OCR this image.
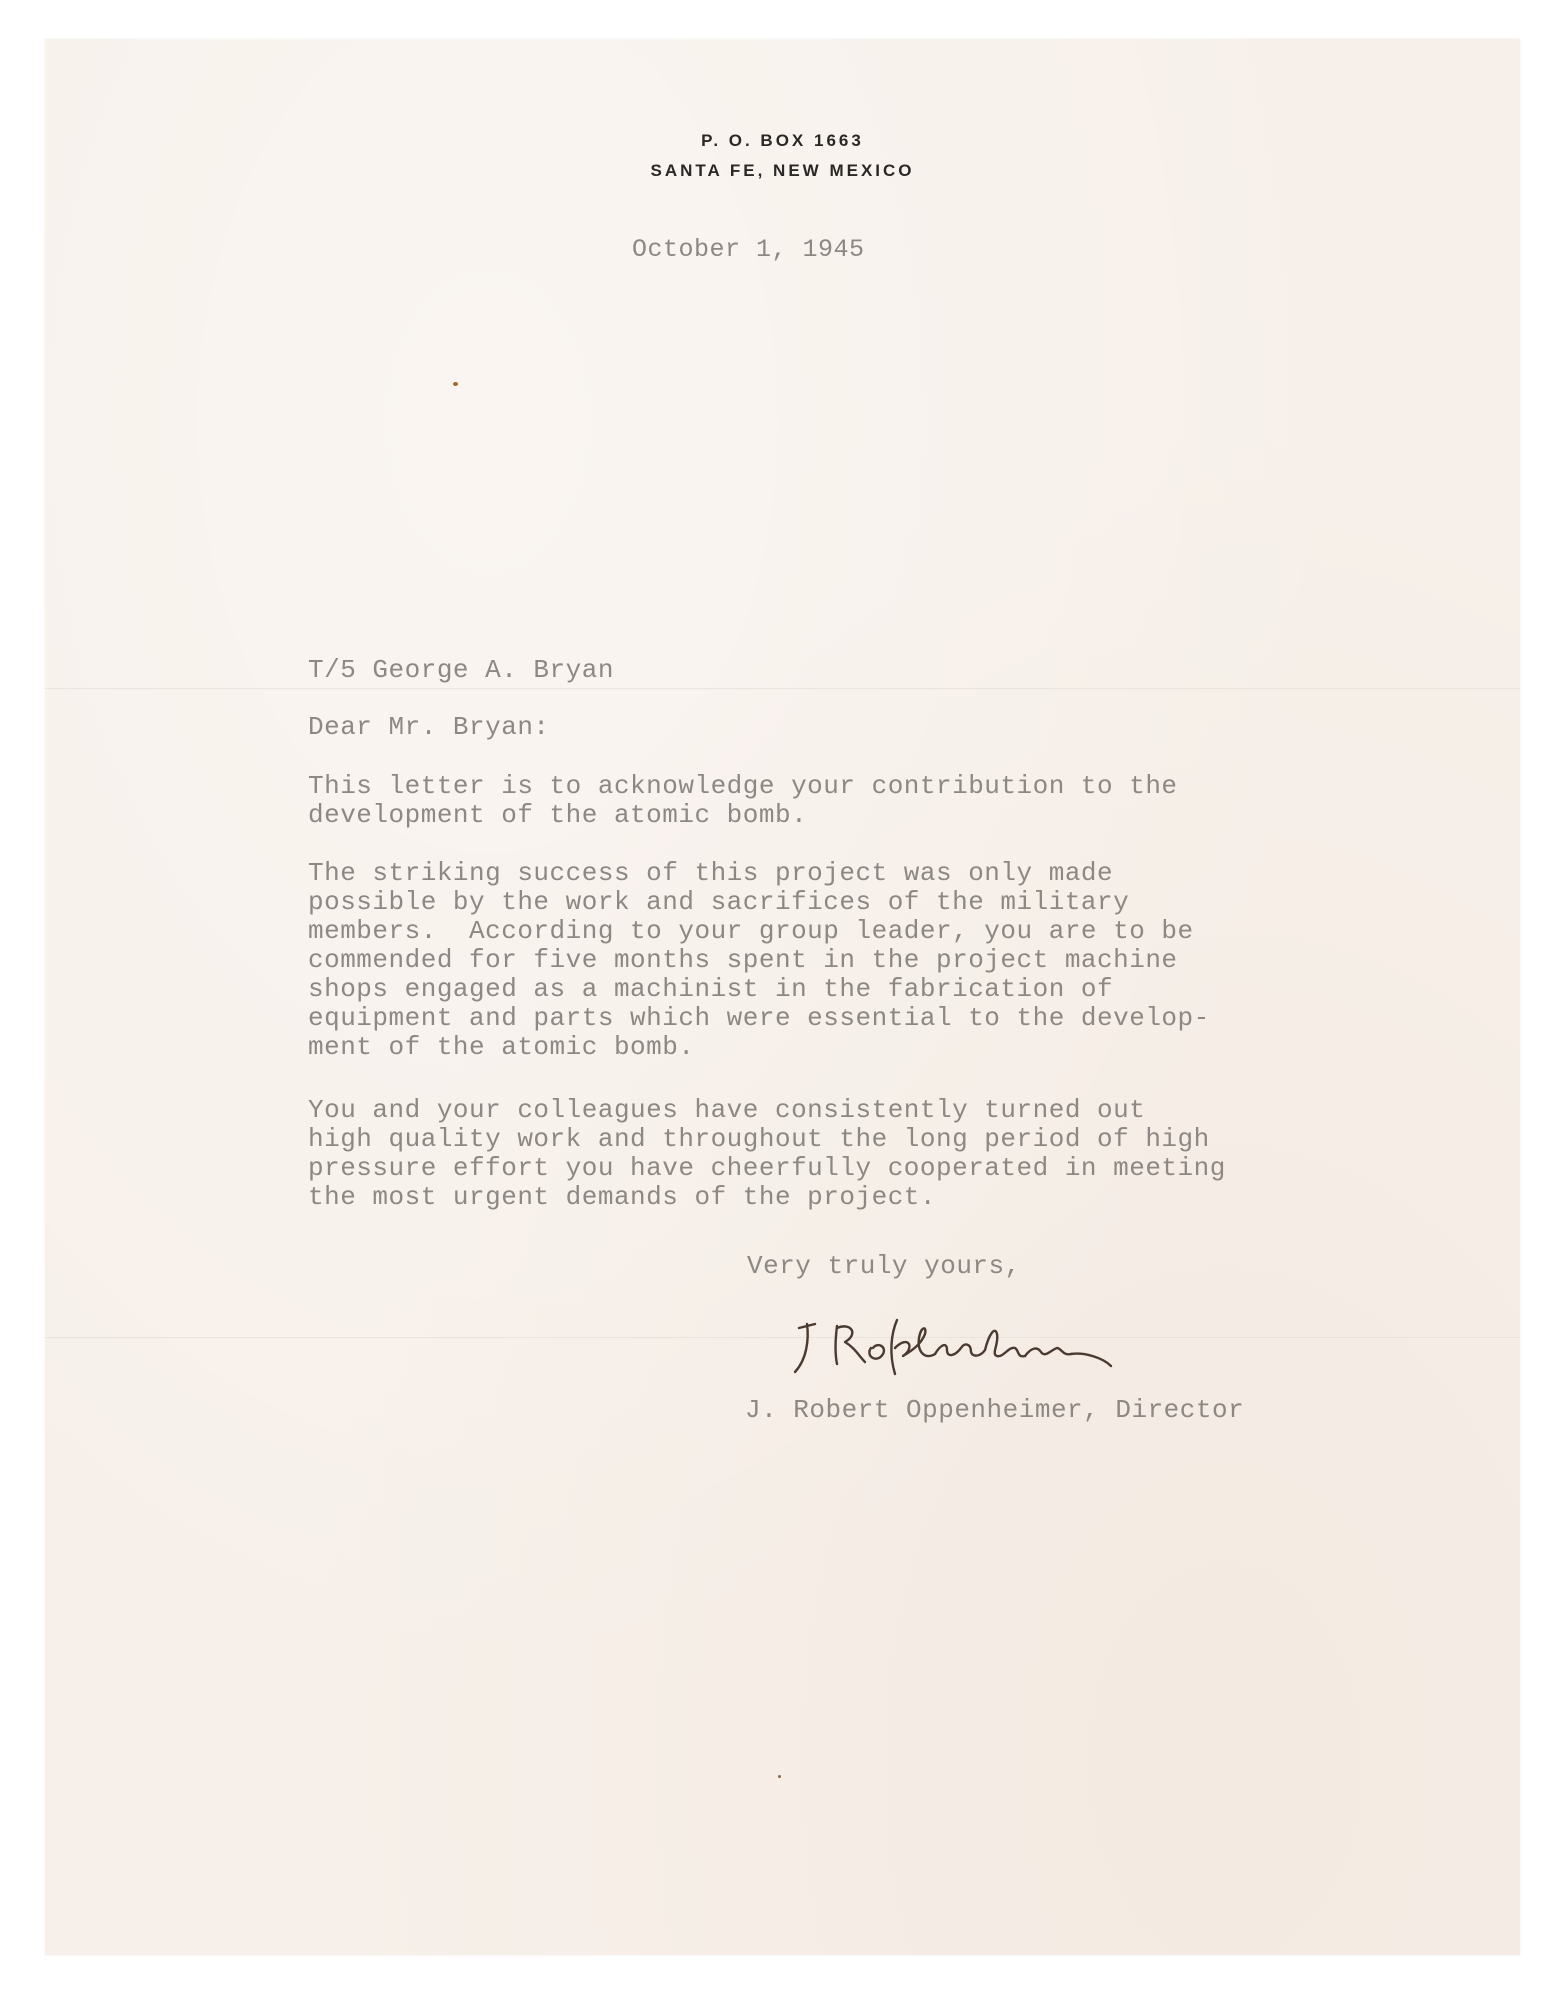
P. O. BOX 1663
SANTA FE, NEW MEXICO
October 1, 1945
T/5 George A. Bryan
Dear Mr. Bryan:
This letter is to acknowledge your contribution to the
development of the atomic bomb.
The striking success of this project was only made
possible by the work and sacrifices of the military
members.  According to your group leader, you are to be
commended for five months spent in the project machine
shops engaged as a machinist in the fabrication of
equipment and parts which were essential to the develop-
ment of the atomic bomb.
You and your colleagues have consistently turned out
high quality work and throughout the long period of high
pressure effort you have cheerfully cooperated in meeting
the most urgent demands of the project.
Very truly yours,
J. Robert Oppenheimer, Director
